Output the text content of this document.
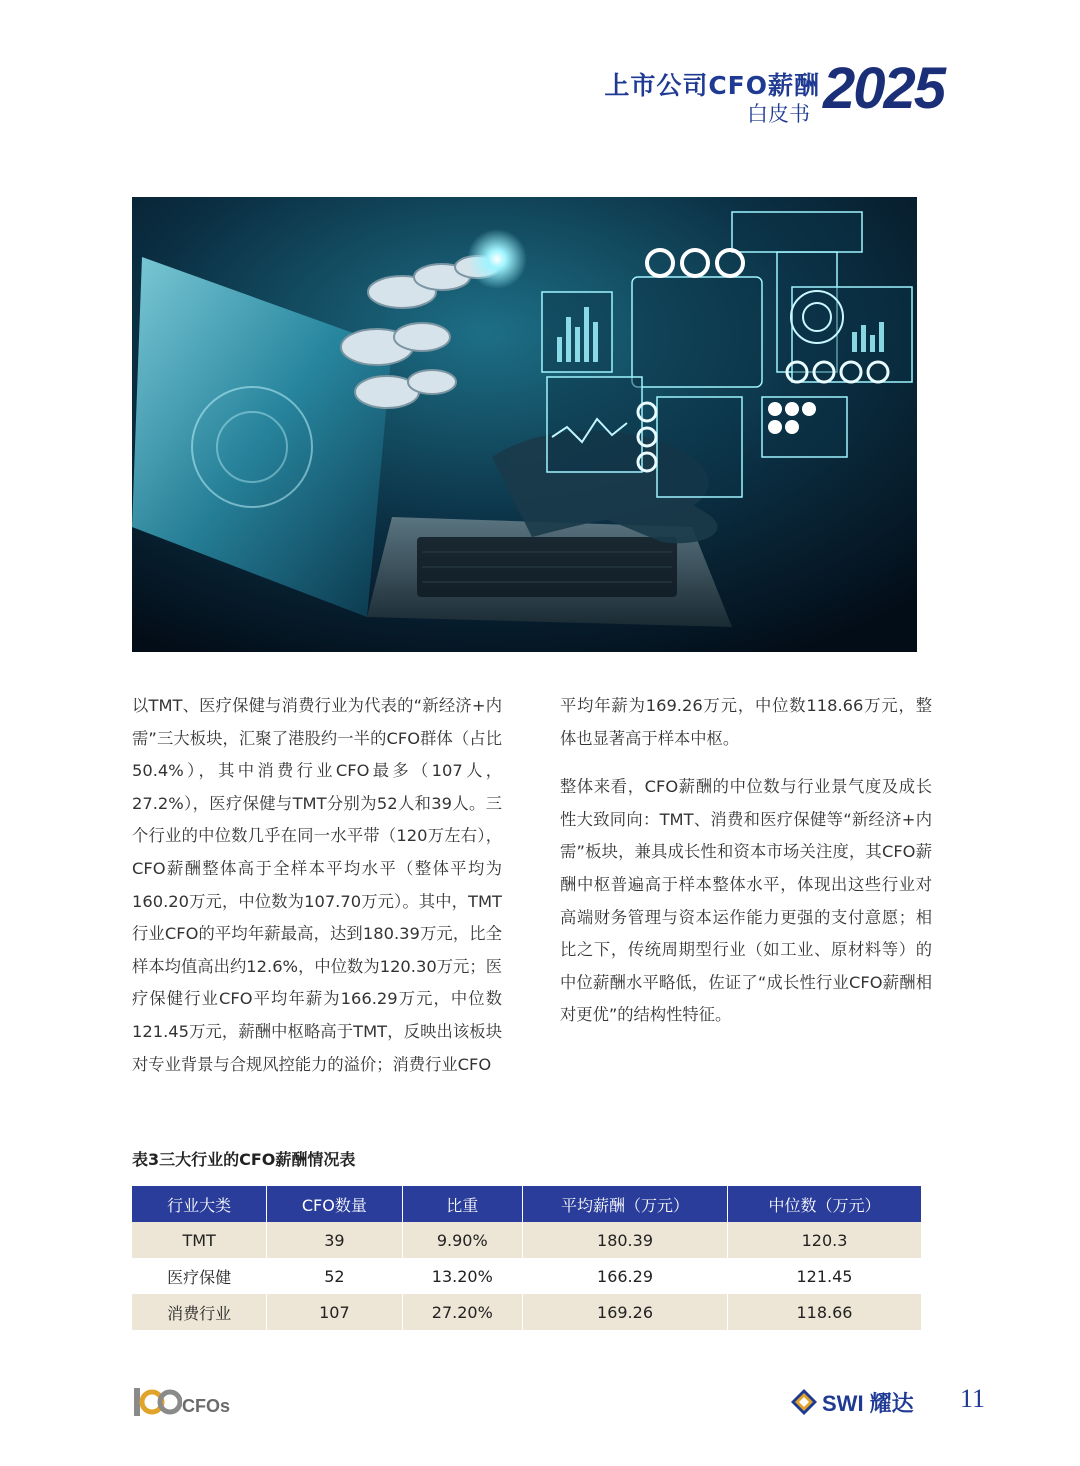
上市公司CFO薪酬
白皮书 2025

以TMT、医疗保健与消费行业为代表的“新经济+内需”三大板块，汇聚了港股约一半的CFO群体（占比50.4%），其中消费行业CFO最多（107人，27.2%），医疗保健与TMT分别为52人和39人。三个行业的中位数几乎在同一水平带（120万左右），CFO薪酬整体高于全样本平均水平（整体平均为160.20万元，中位数为107.70万元）。其中，TMT行业CFO的平均年薪最高，达到180.39万元，比全样本均值高出约12.6%，中位数为120.30万元；医疗保健行业CFO平均年薪为166.29万元，中位数121.45万元，薪酬中枢略高于TMT，反映出该板块对专业背景与合规风控能力的溢价；消费行业CFO

平均年薪为169.26万元，中位数118.66万元，整体也显著高于样本中枢。

整体来看，CFO薪酬的中位数与行业景气度及成长性大致同向：TMT、消费和医疗保健等“新经济+内需”板块，兼具成长性和资本市场关注度，其CFO薪酬中枢普遍高于样本整体水平，体现出这些行业对高端财务管理与资本运作能力更强的支付意愿；相比之下，传统周期型行业（如工业、原材料等）的中位薪酬水平略低，佐证了“成长性行业CFO薪酬相对更优”的结构性特征。

表3三大行业的CFO薪酬情况表
行业大类	CFO数量	比重	平均薪酬（万元）	中位数（万元）
TMT	39	9.90%	180.39	120.3
医疗保健	52	13.20%	166.29	121.45
消费行业	107	27.20%	169.26	118.66
CFOs	SWI 耀达 11
